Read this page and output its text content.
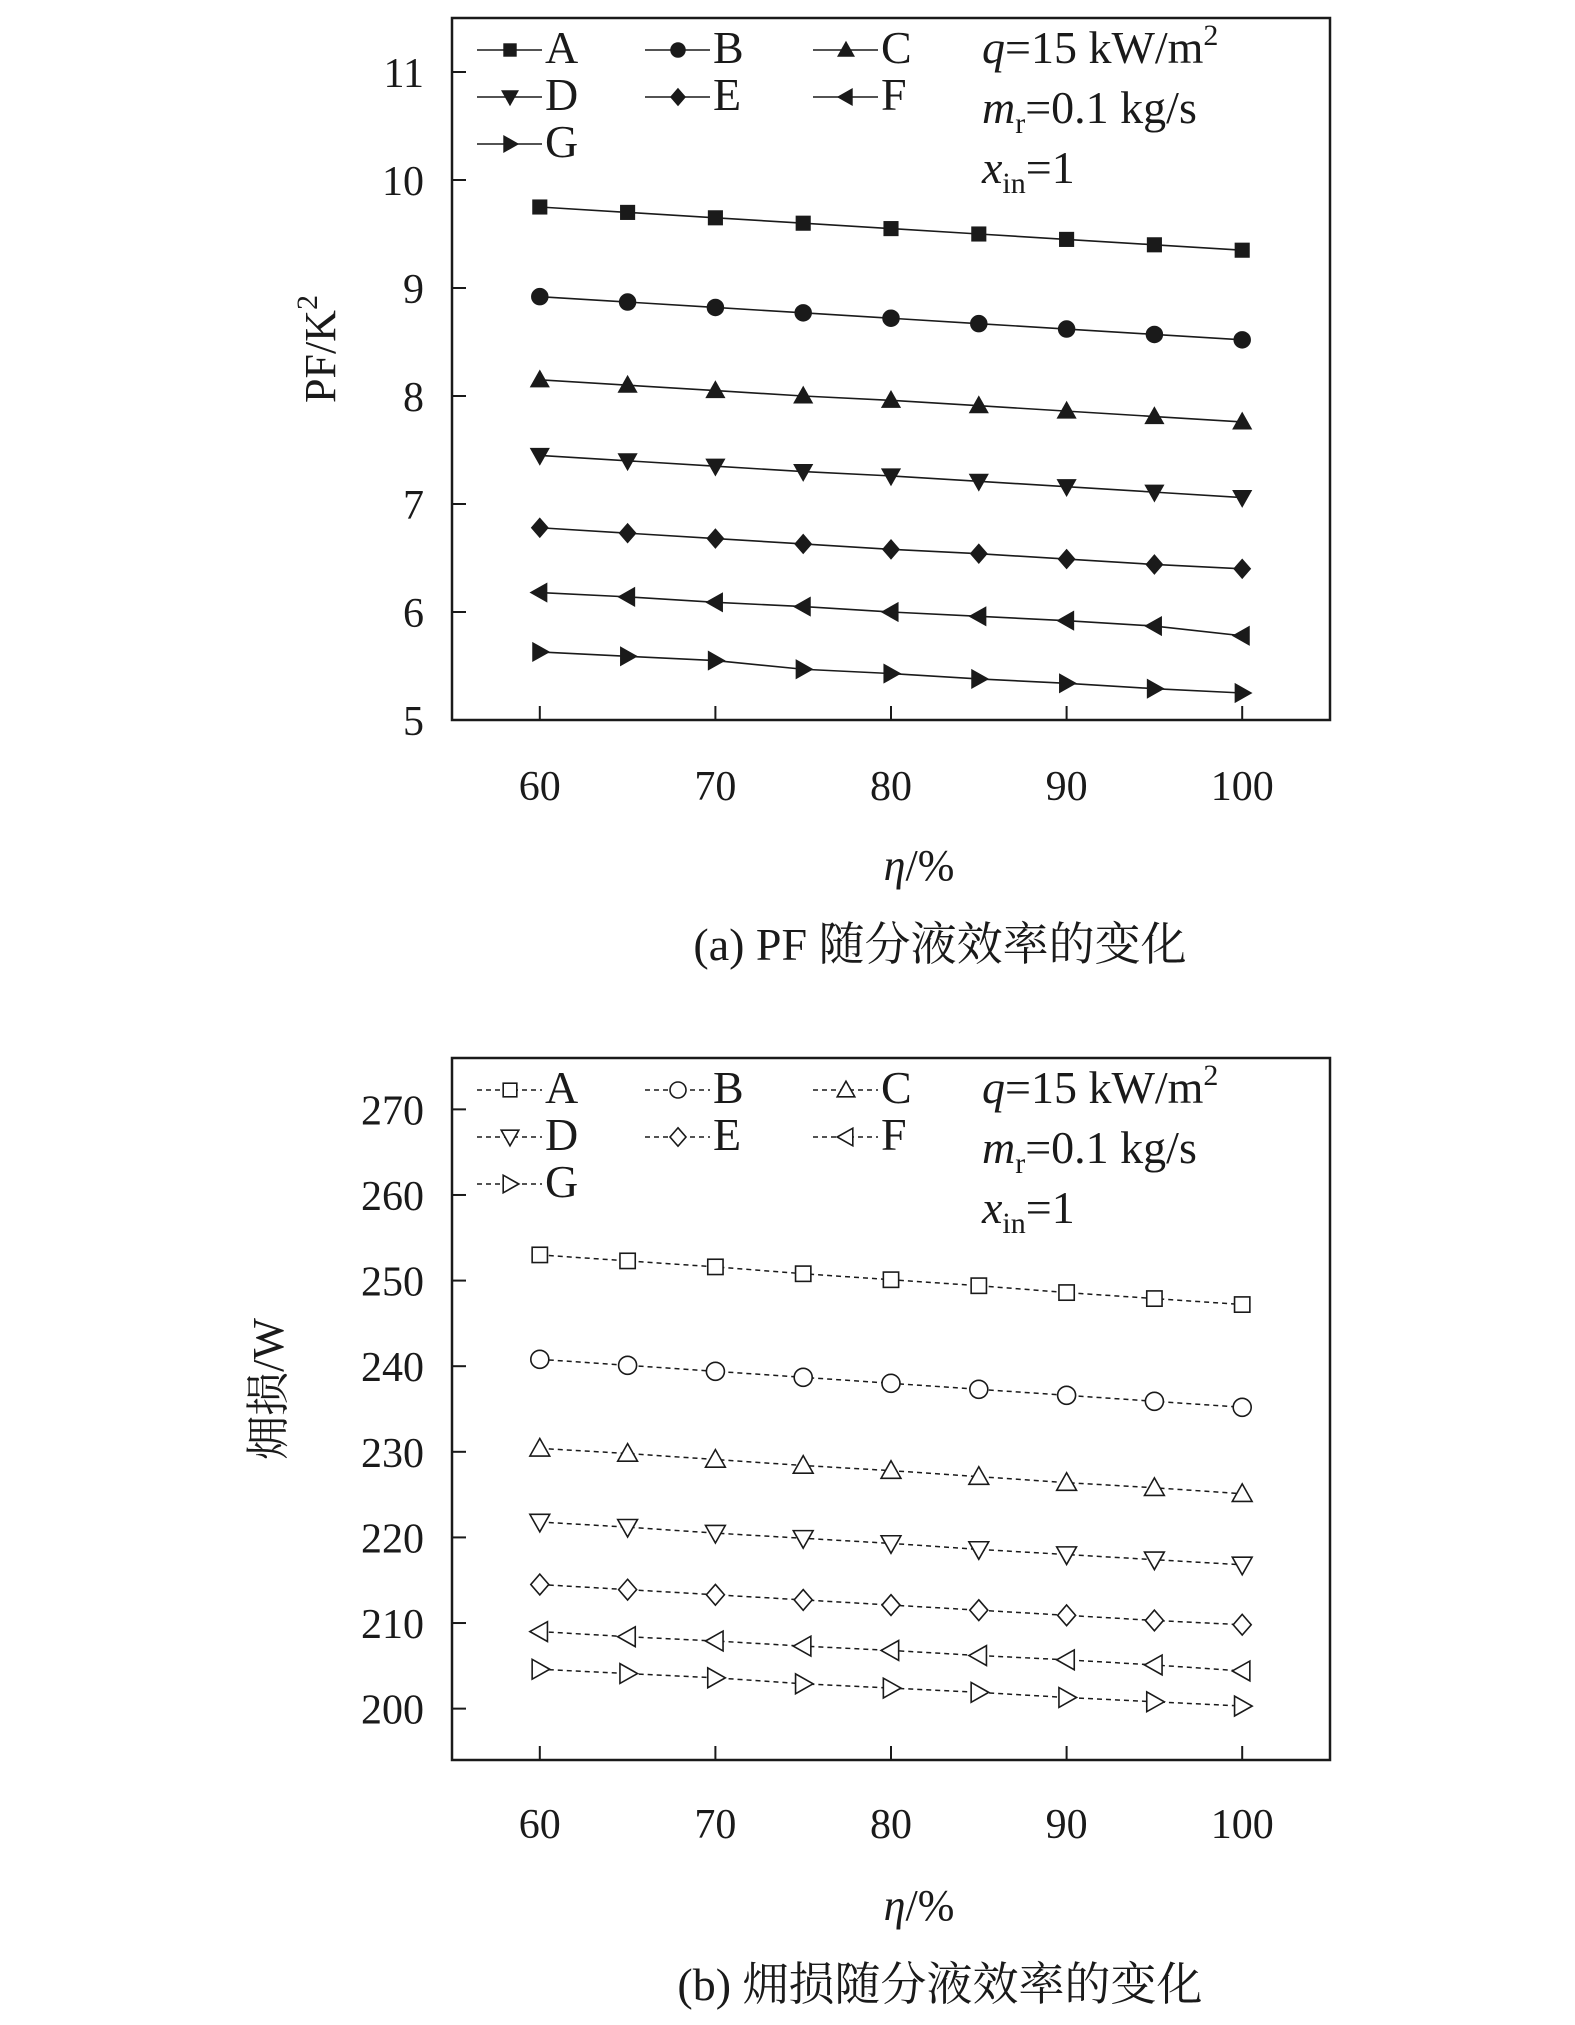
5
6
7
8
9
10
11
60	70	80	90	100
η/%
$PF/K^2$
A	B	C
D	E	F
G
q=15 $kW/m^2$
$m_r=0.1$ kg/s
$x_{in}=1$
(a) PF 随分液效率的变化
200
210
220
230
240
250
260
270
60	70	80	90	100
η/%
㶲损/W
A	B	C
D	E	F
G
q=15 $kW/m^2$
$m_r=0.1$ kg/s
$x_{in}=1$
(b) 㶲损随分液效率的变化
